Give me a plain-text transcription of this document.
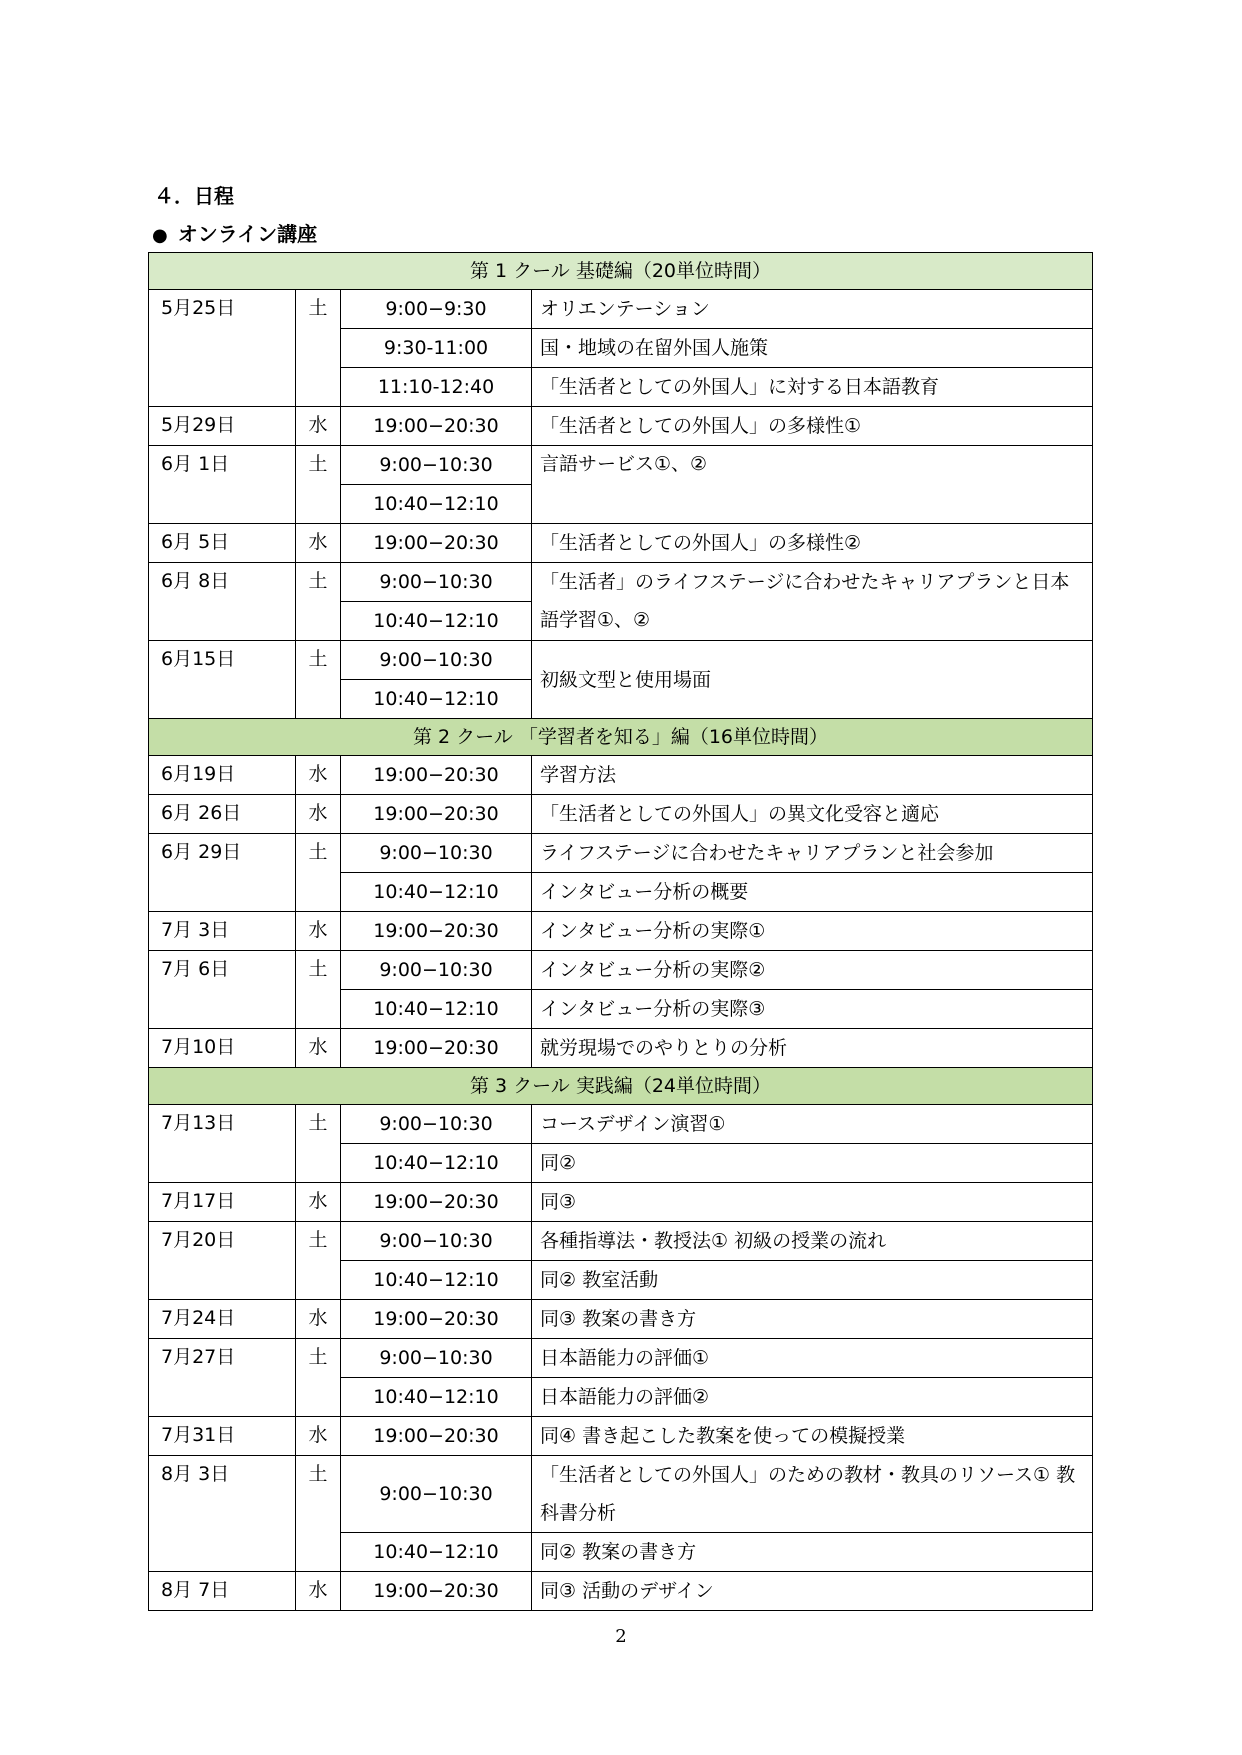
４．日程
● オンライン講座
第 1 クール 基礎編（20単位時間）			
5月25日	土	9:00−9:30	オリエンテーション
		9:30-11:00	国・地域の在留外国人施策
		11:10-12:40	「生活者としての外国人」に対する日本語教育
5月29日	水	19:00−20:30	「生活者としての外国人」の多様性①
6月 1日	土	9:00−10:30	言語サービス①、②
		10:40−12:10	
6月 5日	水	19:00−20:30	「生活者としての外国人」の多様性②
6月 8日	土	9:00−10:30	「生活者」のライフステージに合わせたキャリアプランと日本語学習①、②
		10:40−12:10	
6月15日	土	9:00−10:30	初級文型と使用場面
		10:40−12:10	
第 2 クール 「学習者を知る」編（16単位時間）			
6月19日	水	19:00−20:30	学習方法
6月 26日	水	19:00−20:30	「生活者としての外国人」の異文化受容と適応
6月 29日	土	9:00−10:30	ライフステージに合わせたキャリアプランと社会参加
		10:40−12:10	インタビュー分析の概要
7月 3日	水	19:00−20:30	インタビュー分析の実際①
7月 6日	土	9:00−10:30	インタビュー分析の実際②
		10:40−12:10	インタビュー分析の実際③
7月10日	水	19:00−20:30	就労現場でのやりとりの分析
第 3 クール 実践編（24単位時間）			
7月13日	土	9:00−10:30	コースデザイン演習①
		10:40−12:10	同②
7月17日	水	19:00−20:30	同③
7月20日	土	9:00−10:30	各種指導法・教授法① 初級の授業の流れ
		10:40−12:10	同② 教室活動
7月24日	水	19:00−20:30	同③ 教案の書き方
7月27日	土	9:00−10:30	日本語能力の評価①
		10:40−12:10	日本語能力の評価②
7月31日	水	19:00−20:30	同④ 書き起こした教案を使っての模擬授業
8月 3日	土	9:00−10:30	「生活者としての外国人」のための教材・教具のリソース① 教科書分析
		10:40−12:10	同② 教案の書き方
8月 7日	水	19:00−20:30	同③ 活動のデザイン
2
